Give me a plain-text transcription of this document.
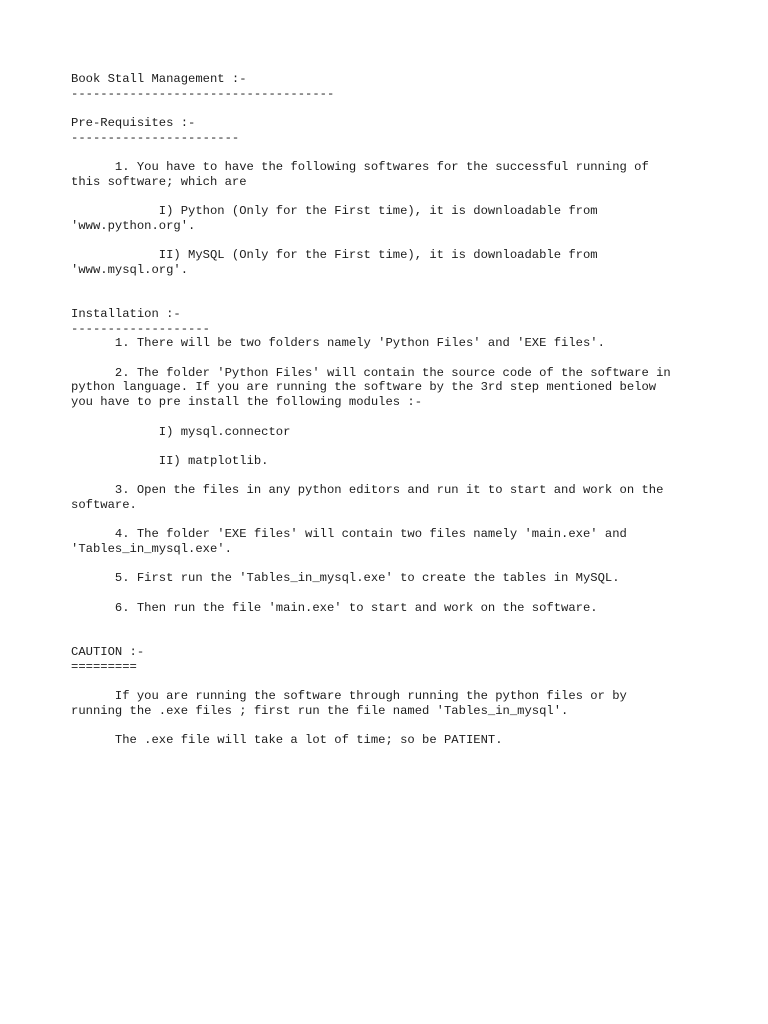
Book Stall Management :-
------------------------------------
Pre-Requisites :-
-----------------------
1. You have to have the following softwares for the successful running of
this software; which are
I) Python (Only for the First time), it is downloadable from
'www.python.org'.
II) MySQL (Only for the First time), it is downloadable from
'www.mysql.org'.
Installation :-
-------------------
1. There will be two folders namely 'Python Files' and 'EXE files'.
2. The folder 'Python Files' will contain the source code of the software in
python language. If you are running the software by the 3rd step mentioned below
you have to pre install the following modules :-
I) mysql.connector
II) matplotlib.
3. Open the files in any python editors and run it to start and work on the
software.
4. The folder 'EXE files' will contain two files namely 'main.exe' and
'Tables_in_mysql.exe'.
5. First run the 'Tables_in_mysql.exe' to create the tables in MySQL.
6. Then run the file 'main.exe' to start and work on the software.
CAUTION :-
=========
If you are running the software through running the python files or by
running the .exe files ; first run the file named 'Tables_in_mysql'.
The .exe file will take a lot of time; so be PATIENT.
